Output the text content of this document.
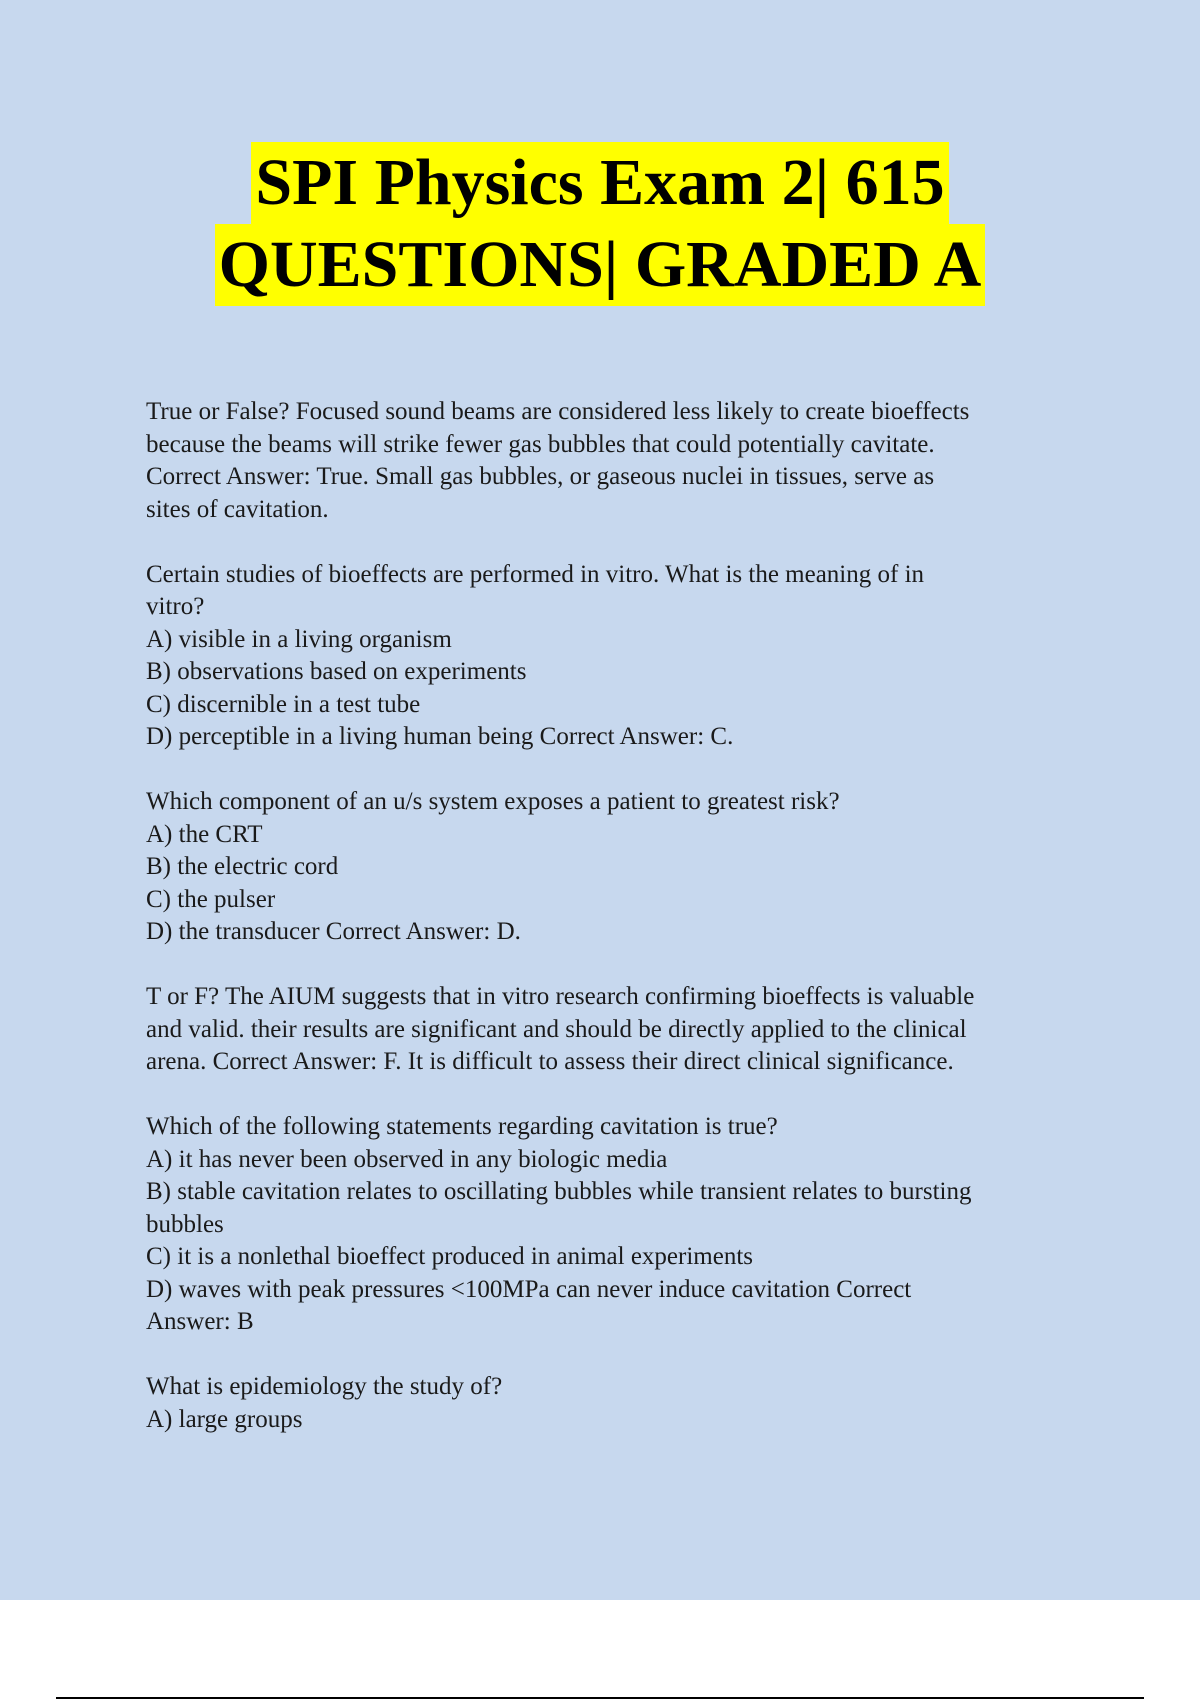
SPI Physics Exam 2| 615
QUESTIONS| GRADED A
True or False? Focused sound beams are considered less likely to create bioeffects
because the beams will strike fewer gas bubbles that could potentially cavitate.
Correct Answer: True. Small gas bubbles, or gaseous nuclei in tissues, serve as
sites of cavitation.
Certain studies of bioeffects are performed in vitro. What is the meaning of in
vitro?
A) visible in a living organism
B) observations based on experiments
C) discernible in a test tube
D) perceptible in a living human being Correct Answer: C.
Which component of an u/s system exposes a patient to greatest risk?
A) the CRT
B) the electric cord
C) the pulser
D) the transducer Correct Answer: D.
T or F? The AIUM suggests that in vitro research confirming bioeffects is valuable
and valid. their results are significant and should be directly applied to the clinical
arena. Correct Answer: F. It is difficult to assess their direct clinical significance.
Which of the following statements regarding cavitation is true?
A) it has never been observed in any biologic media
B) stable cavitation relates to oscillating bubbles while transient relates to bursting
bubbles
C) it is a nonlethal bioeffect produced in animal experiments
D) waves with peak pressures <100MPa can never induce cavitation Correct
Answer: B
What is epidemiology the study of?
A) large groups
